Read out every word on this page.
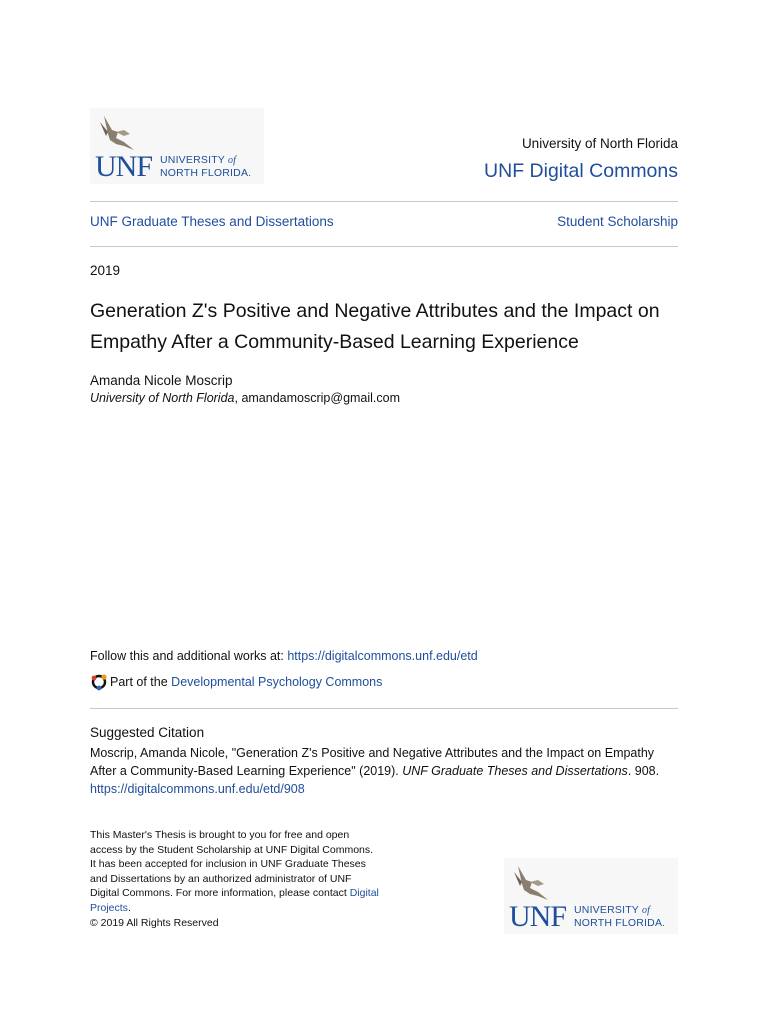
UNF UNIVERSITY of
NORTH FLORIDA.
University of North Florida
UNF Digital Commons
UNF Graduate Theses and Dissertations	Student Scholarship
2019
Generation Z's Positive and Negative Attributes and the Impact on Empathy After a Community-Based Learning Experience
Amanda Nicole Moscrip
University of North Florida, amandamoscrip@gmail.com
Follow this and additional works at: https://digitalcommons.unf.edu/etd
Part of the
Developmental Psychology Commons
Suggested Citation
Moscrip, Amanda Nicole, "Generation Z's Positive and Negative Attributes and the Impact on Empathy After a Community-Based Learning Experience" (2019). UNF Graduate Theses and Dissertations. 908.
https://digitalcommons.unf.edu/etd/908
This Master's Thesis is brought to you for free and open access by the Student Scholarship at UNF Digital Commons. It has been accepted for inclusion in UNF Graduate Theses and Dissertations by an authorized administrator of UNF Digital Commons. For more information, please contact Digital Projects.
© 2019 All Rights Reserved	UNF UNIVERSITY of
NORTH FLORIDA.
